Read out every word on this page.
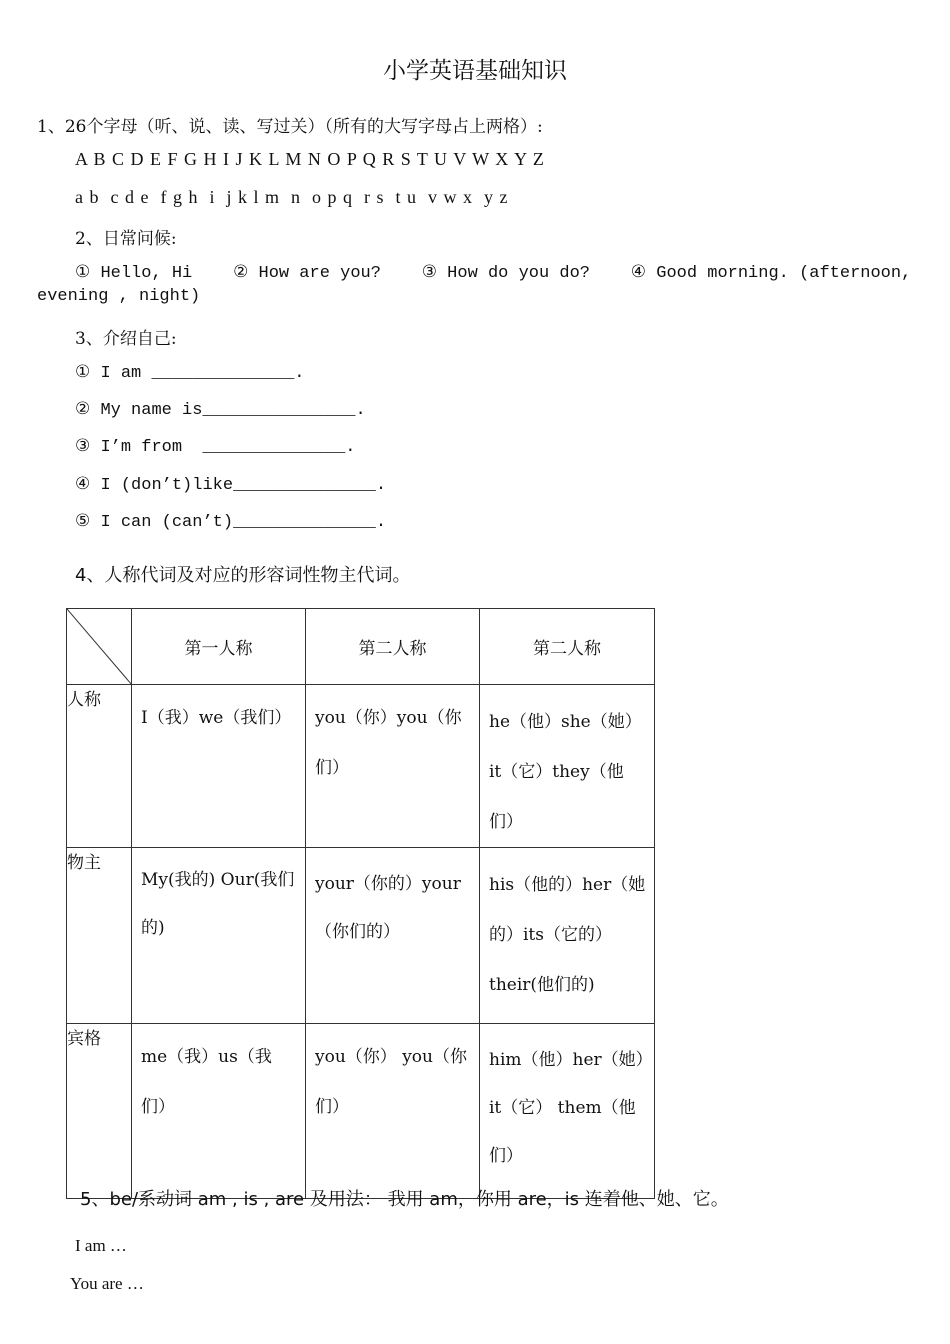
小学英语基础知识
1、26个字母（听、说、读、写过关）（所有的大写字母占上两格）:
A B C D E F G H I J K L M N O P Q R S T U V W X Y Z
a b  c d e  f g h  i  j k l m  n  o p q  r s  t u  v w x  y z
2、日常问候:
① Hello, Hi    ② How are you?    ③ How do you do?    ④ Good morning. (afternoon,
evening , night)
3、介绍自己:
① I am ______________.
② My name is_______________.
③ I’m from  ______________.
④ I (don’t)like______________.
⑤ I can (can’t)______________.
4、人称代词及对应的形容词性物主代词。
	第一人称	第二人称	第二人称
人称	I（我）we（我们）	you（你）you（你们）	he（他）she（她）it（它）they（他们）

物主	My(我的) Our(我们的)	your（你的）your（你们的）	his（他的）her（她的）its（它的）their(他们的)

宾格	me（我）us（我们）	you（你） you（你们）	him（他）her（她）it（它） them（他们）
5、be/系动词 am , is , are 及用法： 我用 am，你用 are，is 连着他、她、它。
I am …
You are …
